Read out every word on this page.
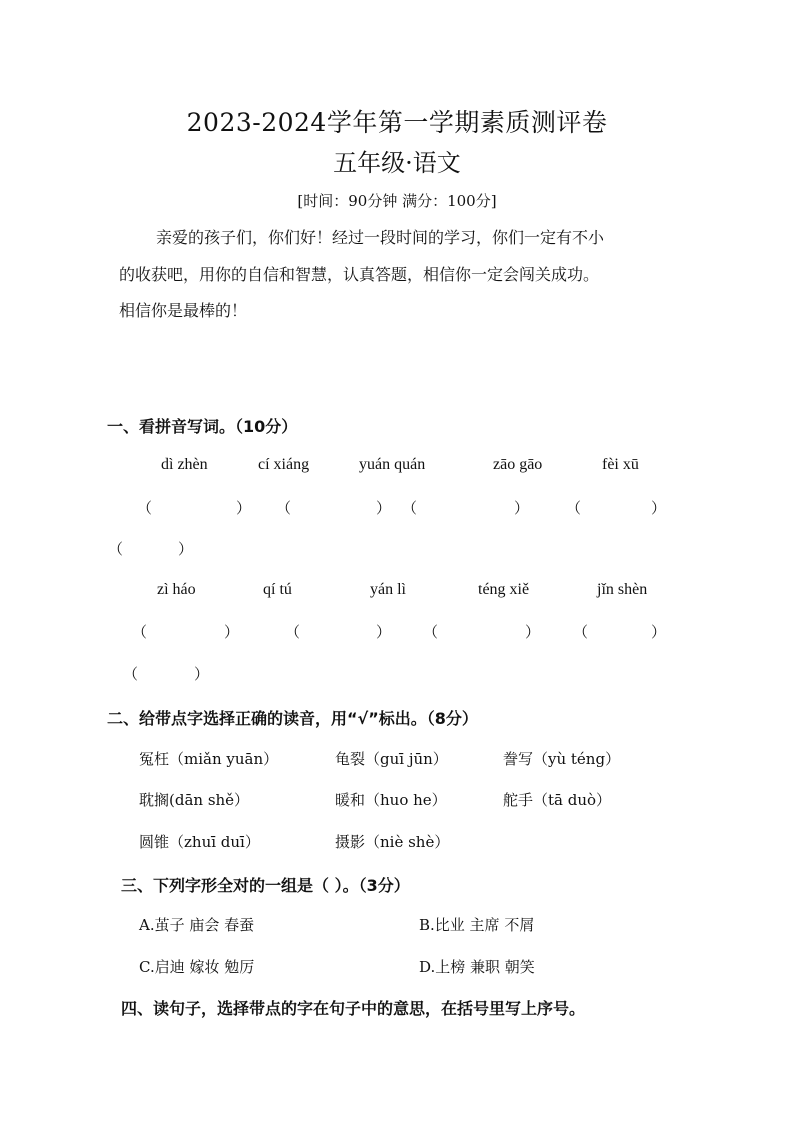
2023-2024学年第一学期素质测评卷
五年级·语文
[时间：90分钟 满分：100分]
亲爱的孩子们，你们好！经过一段时间的学习，你们一定有不小
的收获吧，用你的自信和智慧，认真答题，相信你一定会闯关成功。
相信你是最棒的！
一、看拼音写词。（10分）
dì zhèn	cí xiáng	yuán quán	zāo gāo	fèi xū
（	） （	） （	） （	）
（	）
zì háo	qí tú	yán lì	téng xiě	jǐn shèn
（	）	（	） （	） （	）
（	）
二、给带点字选择正确的读音，用“√”标出。（8分）
冤枉（miǎn yuān）	龟裂（guī jūn）	誊写（yù téng）
耽搁(dān shě）	暖和（huo he）	舵手（tā duò）
圆锥（zhuī duī）	摄影（niè shè）
三、下列字形全对的一组是（ ）。（3分）
A.茧子 庙会 春蚕	B.比业 主席 不屑
C.启迪 嫁妆 勉厉	D.上榜 兼职 朝笑
四、读句子，选择带点的字在句子中的意思，在括号里写上序号。
